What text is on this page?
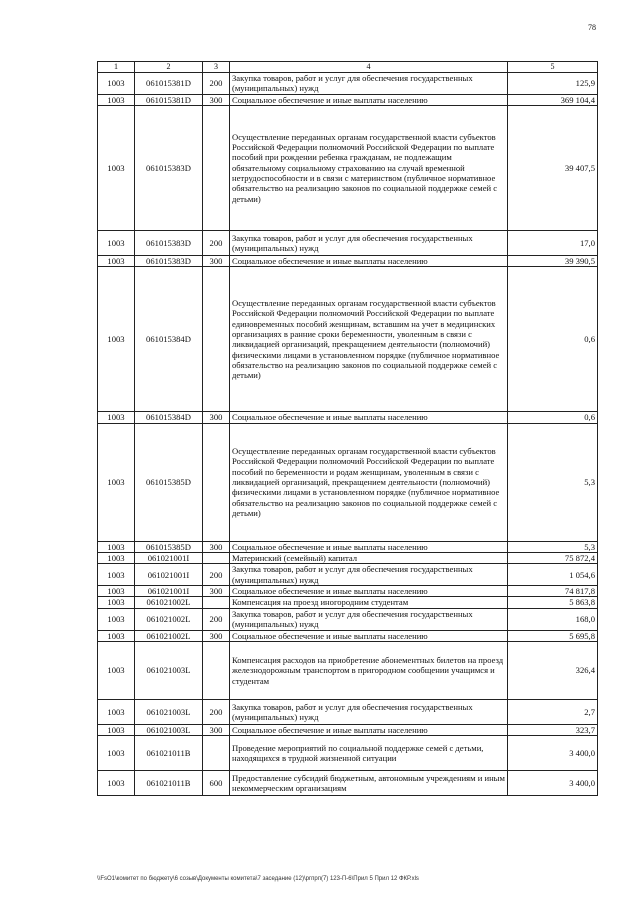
78
1	2	3	4	5
1003	061015381D	200	Закупка товаров, работ и услуг для обеспечения государственных (муниципальных) нужд	125,9
1003	061015381D	300	Социальное обеспечение и иные выплаты населению	369 104,4
1003	061015383D		Осуществление переданных органам государственной власти субъектов Российской Федерации полномочий Российской Федерации по выплате пособий при рождении ребенка гражданам, не подлежащим обязательному социальному страхованию на случай временной нетрудоспособности и в связи с материнством (публичное нормативное обязательство на реализацию законов по социальной поддержке семей с детьми)	39 407,5
1003	061015383D	200	Закупка товаров, работ и услуг для обеспечения государственных (муниципальных) нужд	17,0
1003	061015383D	300	Социальное обеспечение и иные выплаты населению	39 390,5
1003	061015384D		Осуществление переданных органам государственной власти субъектов Российской Федерации полномочий Российской Федерации по выплате единовременных пособий женщинам, вставшим на учет в медицинских организациях в ранние сроки беременности, уволенным в связи с ликвидацией организаций, прекращением деятельности (полномочий) физическими лицами в установленном порядке (публичное нормативное обязательство на реализацию законов по социальной поддержке семей с детьми)	0,6
1003	061015384D	300	Социальное обеспечение и иные выплаты населению	0,6
1003	061015385D		Осуществление переданных органам государственной власти субъектов Российской Федерации полномочий Российской Федерации по выплате пособий по беременности и родам женщинам, уволенным в связи с ликвидацией организаций, прекращением деятельности (полномочий) физическими лицами в установленном порядке (публичное нормативное обязательство на реализацию законов по социальной поддержке семей с детьми)	5,3
1003	061015385D	300	Социальное обеспечение и иные выплаты населению	5,3
1003	061021001I		Материнский (семейный) капитал	75 872,4
1003	061021001I	200	Закупка товаров, работ и услуг для обеспечения государственных (муниципальных) нужд	1 054,6
1003	061021001I	300	Социальное обеспечение и иные выплаты населению	74 817,8
1003	061021002L		Компенсация на проезд иногородним студентам	5 863,8
1003	061021002L	200	Закупка товаров, работ и услуг для обеспечения государственных (муниципальных) нужд	168,0
1003	061021002L	300	Социальное обеспечение и иные выплаты населению	5 695,8
1003	061021003L		Компенсация расходов на приобретение абонементных билетов на проезд железнодорожным транспортом в пригородном сообщении учащимся и студентам	326,4
1003	061021003L	200	Закупка товаров, работ и услуг для обеспечения государственных (муниципальных) нужд	2,7
1003	061021003L	300	Социальное обеспечение и иные выплаты населению	323,7
1003	061021011B		Проведение мероприятий по социальной поддержке семей с детьми, находящихся в трудной жизненной ситуации	3 400,0
1003	061021011B	600	Предоставление субсидий бюджетным, автономным учреждениям и иным некоммерческим организациям	3 400,0
\\FsO1\комитет по бюджету\6 созыв\Документы комитета\7 заседание (12)\ргпрп(7) 123-П-6\Прил 5 Прил 12 ФКР.xls
